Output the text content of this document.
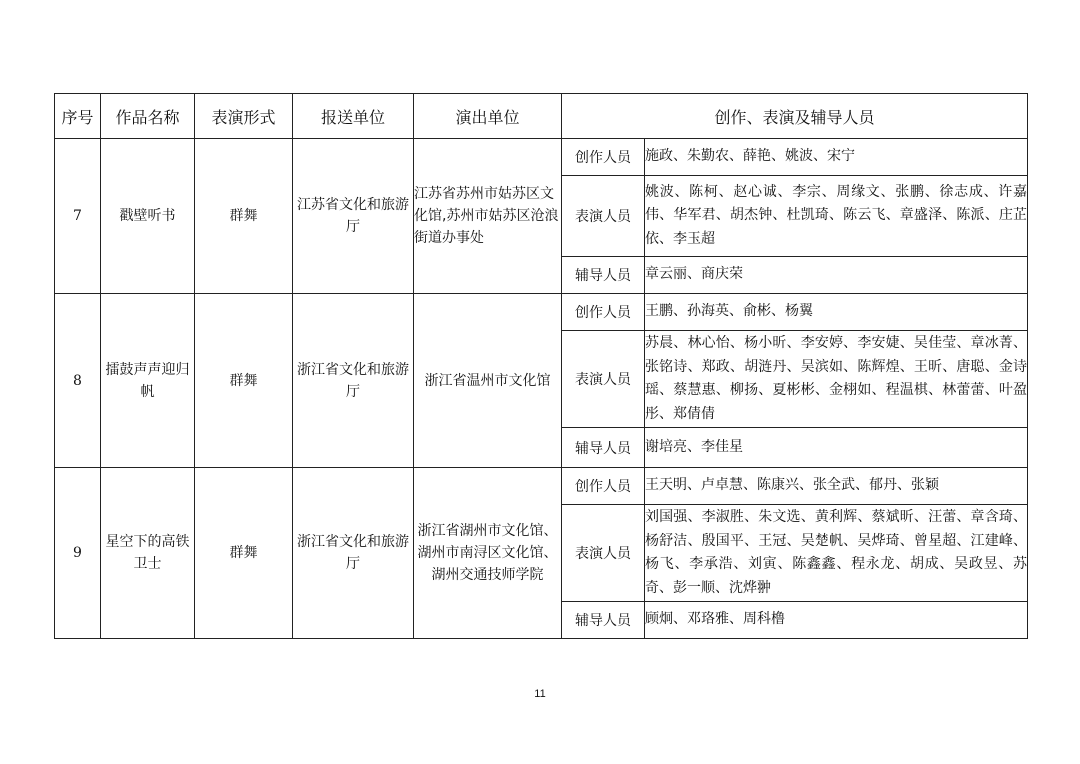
序号	作品名称	表演形式	报送单位	演出单位	创作、表演及辅导人员	
7	戳壁听书	群舞	江苏省文化和旅游厅	江苏省苏州市姑苏区文化馆,苏州市姑苏区沧浪街道办事处	创作人员	施政、朱勤农、薛艳、姚波、宋宁
					表演人员	姚波、陈柯、赵心诚、李宗、周缘文、张鹏、徐志成、许嘉伟、华军君、胡杰钟、杜凯琦、陈云飞、章盛泽、陈派、庄芷依、李玉超
					辅导人员	章云丽、商庆荣
8	擂鼓声声迎归帆	群舞	浙江省文化和旅游厅	浙江省温州市文化馆	创作人员	王鹏、孙海英、俞彬、杨翼
					表演人员	苏晨、林心怡、杨小昕、李安婷、李安婕、吴佳莹、章冰菁、张铭诗、郑政、胡涟丹、吴滨如、陈辉煌、王昕、唐聪、金诗瑶、蔡慧惠、柳扬、夏彬彬、金栩如、程温棋、林蕾蕾、叶盈彤、郑倩倩
					辅导人员	谢培亮、李佳星
9	星空下的高铁卫士	群舞	浙江省文化和旅游厅	浙江省湖州市文化馆、湖州市南浔区文化馆、湖州交通技师学院	创作人员	王天明、卢卓慧、陈康兴、张全武、郁丹、张颖
					表演人员	刘国强、李淑胜、朱文选、黄利辉、蔡斌昕、汪蕾、章含琦、杨舒洁、殷国平、王冠、吴楚帆、吴烨琦、曾星超、江建峰、杨飞、李承浩、刘寅、陈鑫鑫、程永龙、胡成、吴政昱、苏奇、彭一顺、沈烨翀
					辅导人员	顾炯、邓珞雅、周科橹
11
